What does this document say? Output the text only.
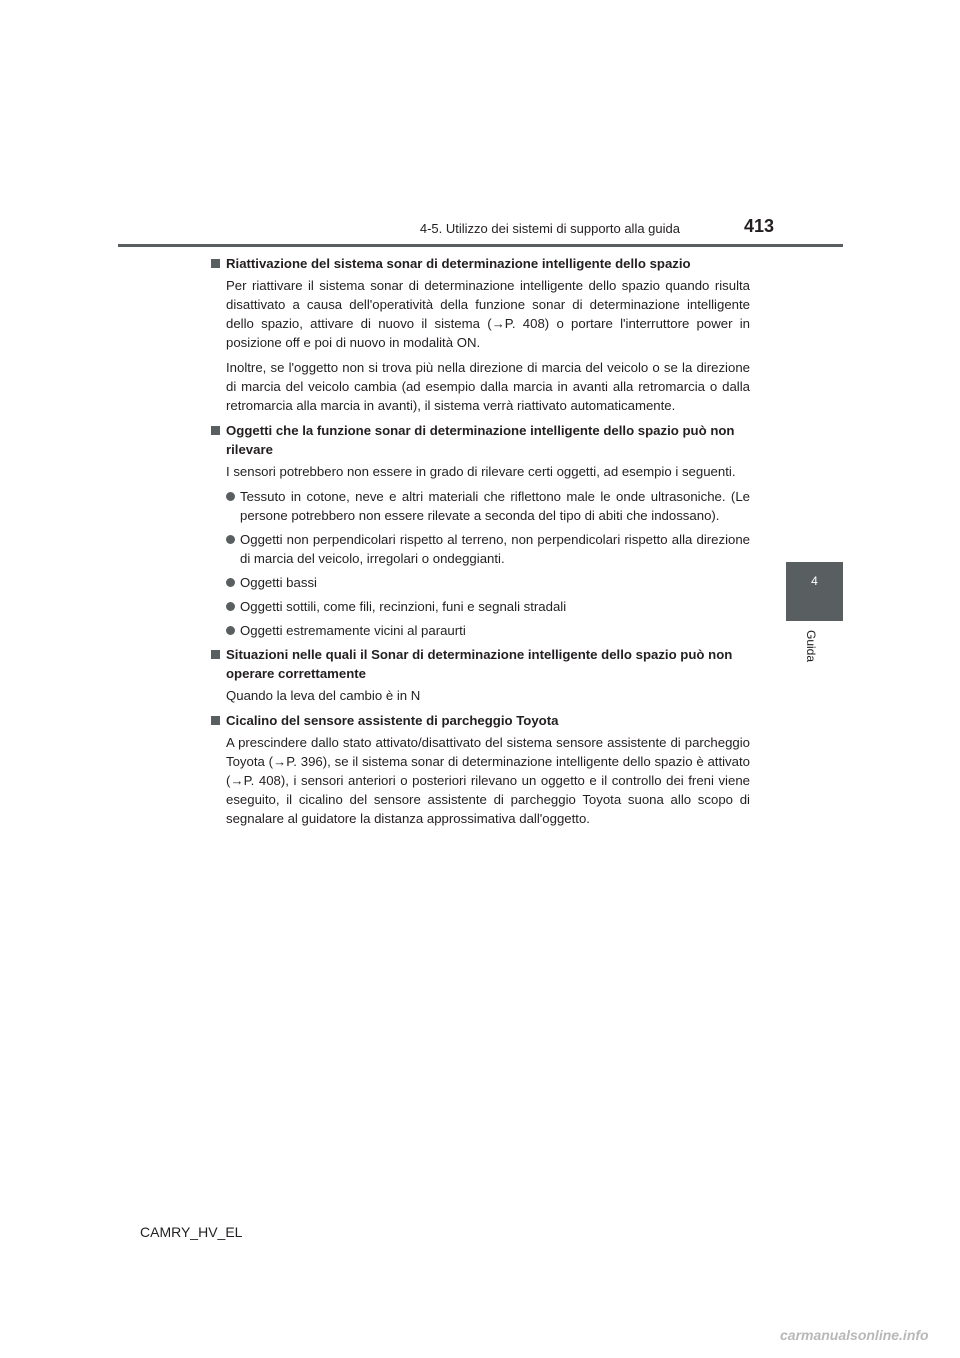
4-5. Utilizzo dei sistemi di supporto alla guida	413
4
Guida
Riattivazione del sistema sonar di determinazione intelligente dello spazio

Per riattivare il sistema sonar di determinazione intelligente dello spazio quando risulta disattivato a causa dell'operatività della funzione sonar di determinazione intelligente dello spazio, attivare di nuovo il sistema (→P. 408) o portare l'interruttore power in posizione off e poi di nuovo in modalità ON.

Inoltre, se l'oggetto non si trova più nella direzione di marcia del veicolo o se la direzione di marcia del veicolo cambia (ad esempio dalla marcia in avanti alla retromarcia o dalla retromarcia alla marcia in avanti), il sistema verrà riattivato automaticamente.

Oggetti che la funzione sonar di determinazione intelligente dello spazio può non rilevare

I sensori potrebbero non essere in grado di rilevare certi oggetti, ad esempio i seguenti.

Tessuto in cotone, neve e altri materiali che riflettono male le onde ultrasoniche. (Le persone potrebbero non essere rilevate a seconda del tipo di abiti che indossano).
Oggetti non perpendicolari rispetto al terreno, non perpendicolari rispetto alla direzione di marcia del veicolo, irregolari o ondeggianti.
Oggetti bassi
Oggetti sottili, come fili, recinzioni, funi e segnali stradali
Oggetti estremamente vicini al paraurti
Situazioni nelle quali il Sonar di determinazione intelligente dello spazio può non operare correttamente

Quando la leva del cambio è in N

Cicalino del sensore assistente di parcheggio Toyota

A prescindere dallo stato attivato/disattivato del sistema sensore assistente di parcheggio Toyota (→P. 396), se il sistema sonar di determinazione intelligente dello spazio è attivato (→P. 408), i sensori anteriori o posteriori rilevano un oggetto e il controllo dei freni viene eseguito, il cicalino del sensore assistente di parcheggio Toyota suona allo scopo di segnalare al guidatore la distanza approssimativa dall'oggetto.

CAMRY_HV_EL
carmanualsonline.info
